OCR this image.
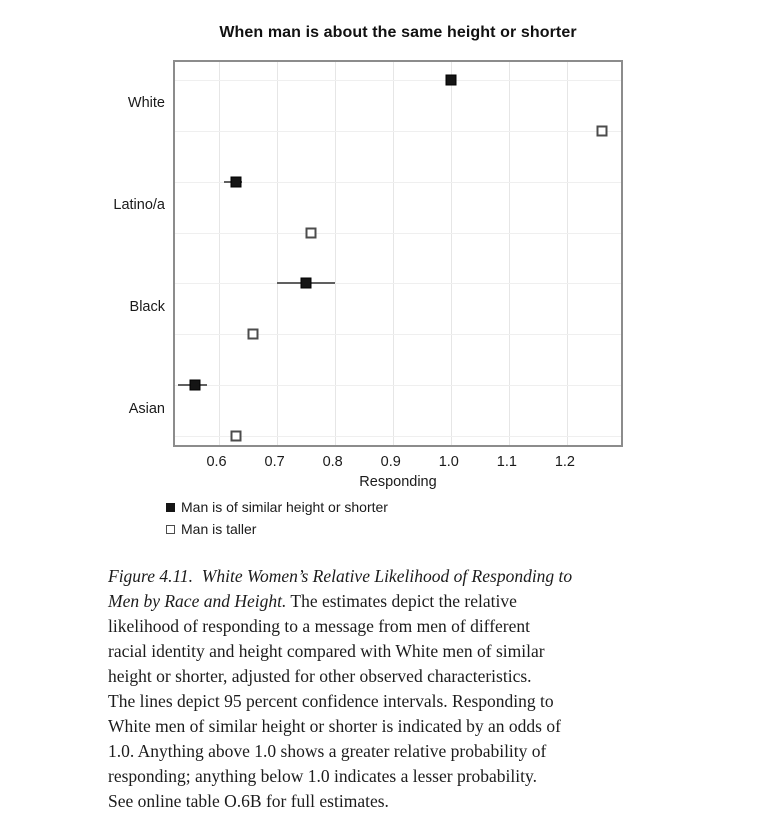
When man is about the same height or shorter
White
Latino/a
Black
Asian
0.6	0.7	0.8	0.9	1.0	1.1	1.2
Responding
Man is of similar height or shorter
Man is taller
Figure 4.11.  White Women’s Relative Likelihood of Responding to
Men by Race and Height. The estimates depict the relative
likelihood of responding to a message from men of different
racial identity and height compared with White men of similar
height or shorter, adjusted for other observed characteristics.
The lines depict 95 percent confidence intervals. Responding to
White men of similar height or shorter is indicated by an odds of
1.0. Anything above 1.0 shows a greater relative probability of
responding; anything below 1.0 indicates a lesser probability.
See online table O.6B for full estimates.
